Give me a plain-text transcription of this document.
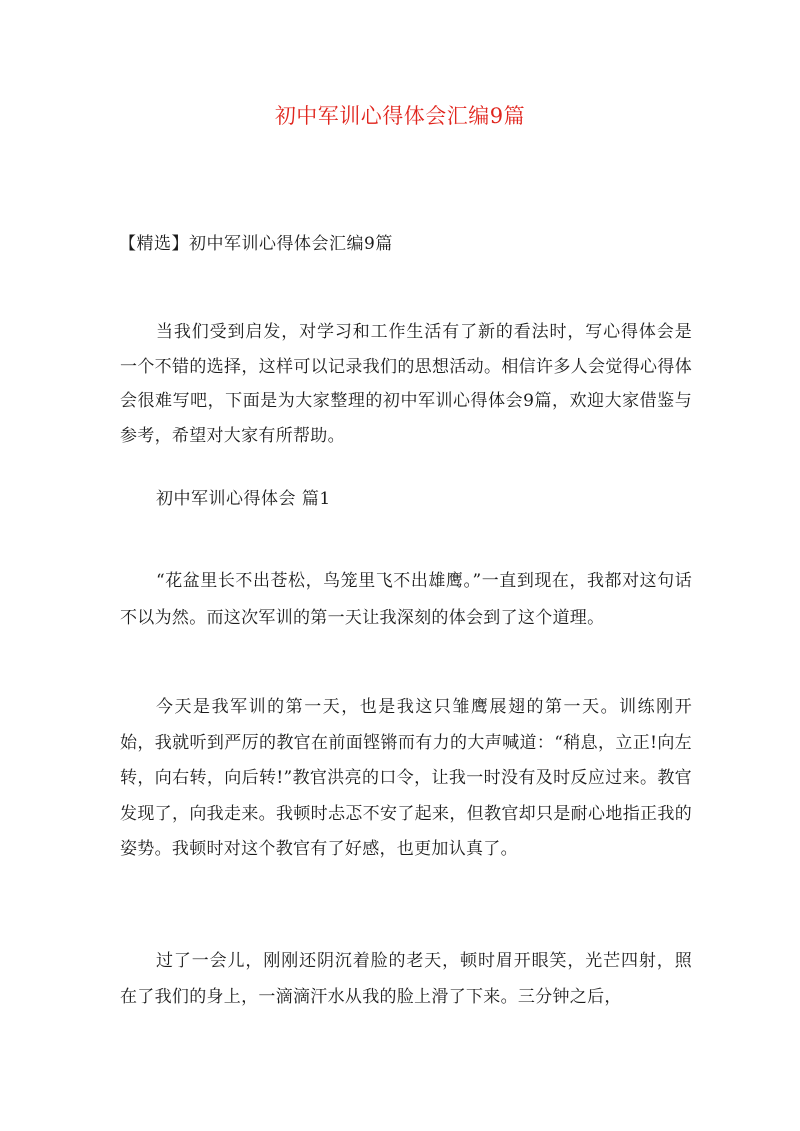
初中军训心得体会汇编9篇
【精选】初中军训心得体会汇编9篇
当我们受到启发，对学习和工作生活有了新的看法时，写心得体会是一个不错的选择，这样可以记录我们的思想活动。相信许多人会觉得心得体会很难写吧，下面是为大家整理的初中军训心得体会9篇，欢迎大家借鉴与参考，希望对大家有所帮助。
初中军训心得体会 篇1
“花盆里长不出苍松，鸟笼里飞不出雄鹰。”一直到现在，我都对这句话不以为然。而这次军训的第一天让我深刻的体会到了这个道理。
今天是我军训的第一天，也是我这只雏鹰展翅的第一天。训练刚开始，我就听到严厉的教官在前面铿锵而有力的大声喊道：“稍息，立正!向左转，向右转，向后转!”教官洪亮的口令，让我一时没有及时反应过来。教官发现了，向我走来。我顿时忐忑不安了起来，但教官却只是耐心地指正我的姿势。我顿时对这个教官有了好感，也更加认真了。
过了一会儿，刚刚还阴沉着脸的老天，顿时眉开眼笑，光芒四射，照在了我们的身上，一滴滴汗水从我的脸上滑了下来。三分钟之后，
